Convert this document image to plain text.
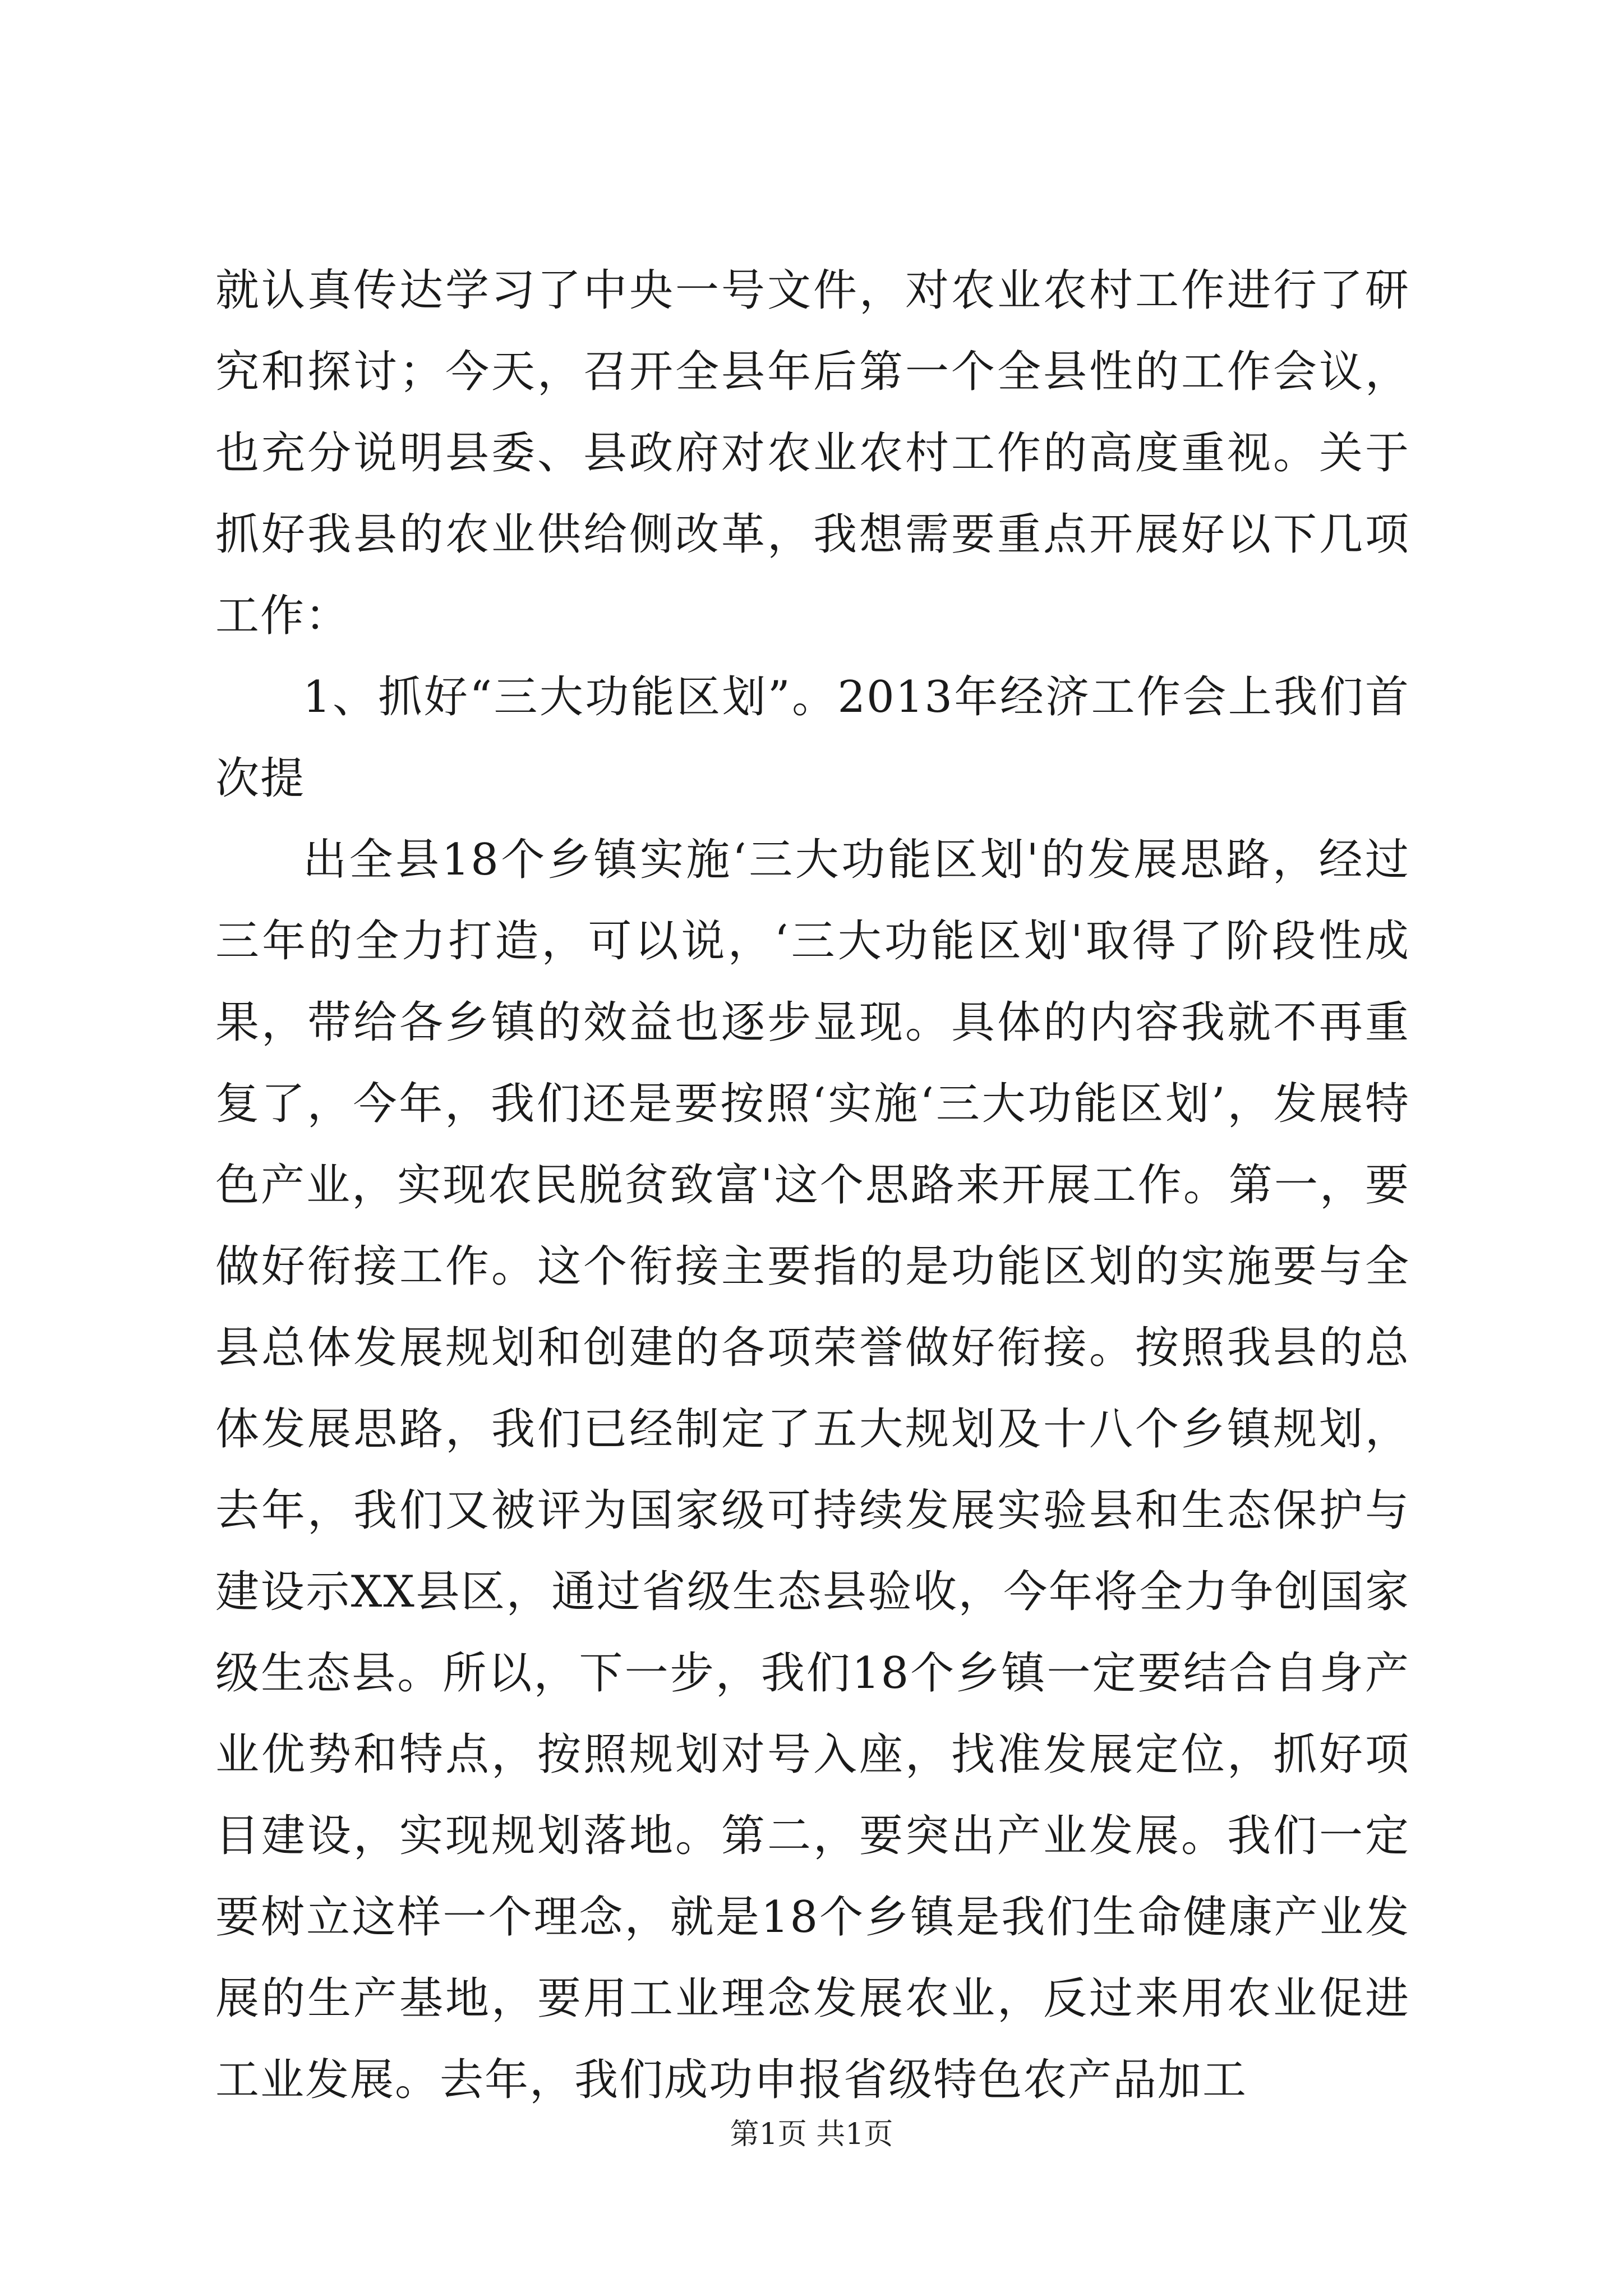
就认真传达学习了中央一号文件，对农业农村工作进行了研究和探讨；今天，召开全县年后第一个全县性的工作会议，也充分说明县委、县政府对农业农村工作的高度重视。关于抓好我县的农业供给侧改革，我想需要重点开展好以下几项工作：

1、抓好“三大功能区划”。2013年经济工作会上我们首次提

出全县18个乡镇实施‘三大功能区划'的发展思路，经过三年的全力打造，可以说，‘三大功能区划'取得了阶段性成果，带给各乡镇的效益也逐步显现。具体的内容我就不再重复了，今年，我们还是要按照‘实施‘三大功能区划’，发展特色产业，实现农民脱贫致富'这个思路来开展工作。第一，要做好衔接工作。这个衔接主要指的是功能区划的实施要与全县总体发展规划和创建的各项荣誉做好衔接。按照我县的总体发展思路，我们已经制定了五大规划及十八个乡镇规划，去年，我们又被评为国家级可持续发展实验县和生态保护与建设示XX县区，通过省级生态县验收，今年将全力争创国家级生态县。所以，下一步，我们18个乡镇一定要结合自身产业优势和特点，按照规划对号入座，找准发展定位，抓好项目建设，实现规划落地。第二，要突出产业发展。我们一定要树立这样一个理念，就是18个乡镇是我们生命健康产业发展的生产基地，要用工业理念发展农业，反过来用农业促进工业发展。去年，我们成功申报省级特色农产品加工

第1页 共1页
